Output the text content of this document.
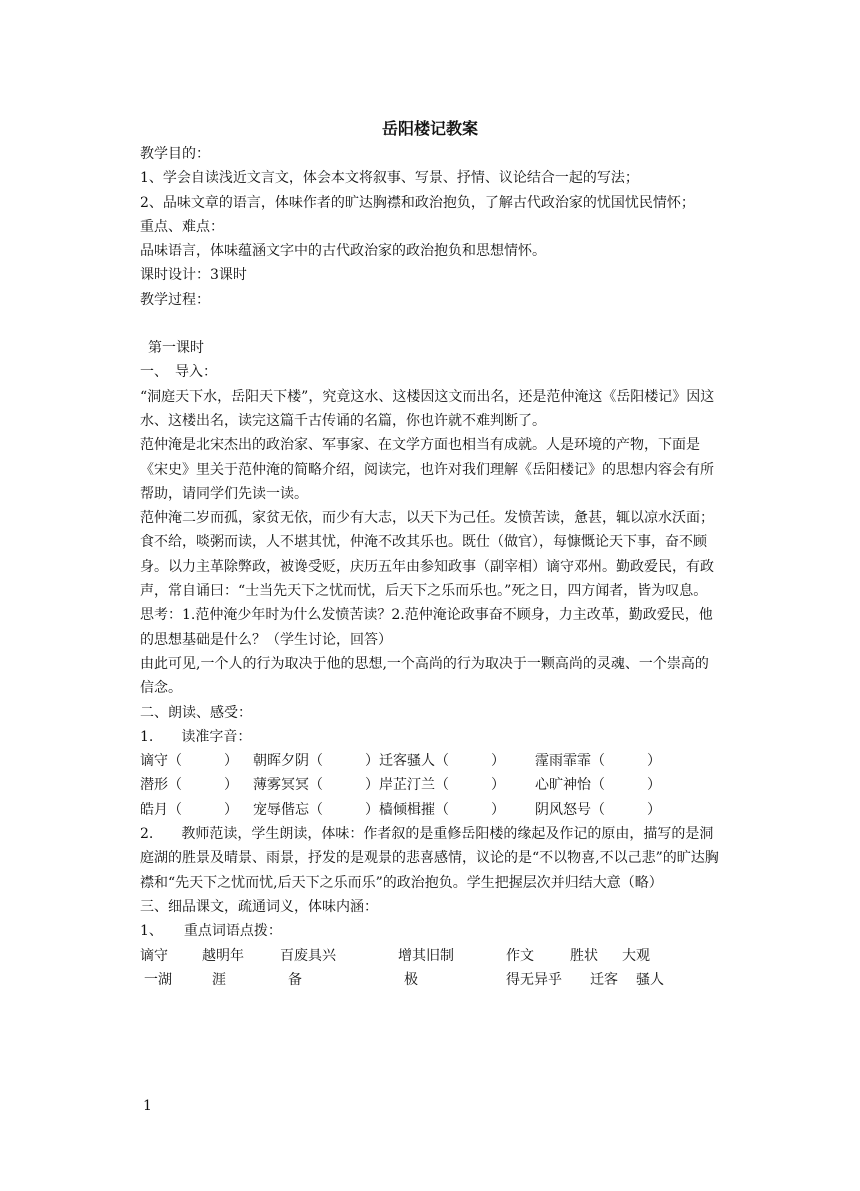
岳阳楼记教案

教学目的：

1、学会自读浅近文言文，体会本文将叙事、写景、抒情、议论结合一起的写法；

2、品味文章的语言，体味作者的旷达胸襟和政治抱负，了解古代政治家的忧国忧民情怀；

重点、难点：

品味语言，体味蕴涵文字中的古代政治家的政治抱负和思想情怀。

课时设计：3课时

教学过程：

第一课时

一、　导入：

“洞庭天下水，岳阳天下楼”，究竟这水、这楼因这文而出名，还是范仲淹这《岳阳楼记》因这水、这楼出名，读完这篇千古传诵的名篇，你也许就不难判断了。

范仲淹是北宋杰出的政治家、军事家、在文学方面也相当有成就。人是环境的产物，下面是《宋史》里关于范仲淹的简略介绍，阅读完，也许对我们理解《岳阳楼记》的思想内容会有所帮助，请同学们先读一读。

范仲淹二岁而孤，家贫无依，而少有大志，以天下为己任。发愤苦读，惫甚，辄以凉水沃面；食不给，啖粥而读，人不堪其忧，仲淹不改其乐也。既仕（做官），每慷慨论天下事，奋不顾身。以力主革除弊政，被谗受贬，庆历五年由参知政事（副宰相）谪守邓州。勤政爱民，有政声，常自诵曰：“士当先天下之忧而忧，后天下之乐而乐也。”死之日，四方闻者，皆为叹息。

思考：1.范仲淹少年时为什么发愤苦读？2.范仲淹论政事奋不顾身，力主改革，勤政爱民，他的思想基础是什么？（学生讨论，回答）

由此可见,一个人的行为取决于他的思想,一个高尚的行为取决于一颗高尚的灵魂、一个崇高的信念。

二、朗读、感受：

1.　　读准字音：

谪守（　　　）	朝晖夕阴（　　　） 迁客骚人（　　　）	霪雨霏霏（　　　）
潜形（　　　）	薄雾冥冥（　　　） 岸芷汀兰（　　　）	心旷神怡（　　　）
皓月（　　　）	宠辱偕忘（　　　） 樯倾楫摧（　　　）	阴风怒号（　　　）

2.　　教师范读，学生朗读，体味：作者叙的是重修岳阳楼的缘起及作记的原由，描写的是洞庭湖的胜景及晴景、雨景，抒发的是观景的悲喜感情，议论的是“不以物喜,不以己悲”的旷达胸襟和“先天下之忧而忧,后天下之乐而乐”的政治抱负。学生把握层次并归结大意（略）

三、细品课文，疏通词义，体味内涵：

1、　　重点词语点拨：

谪守	越明年	百废具兴	增其旧制	作文	胜状	大观
一湖	涯	备	极	得无异乎	迁客	骚人
1
